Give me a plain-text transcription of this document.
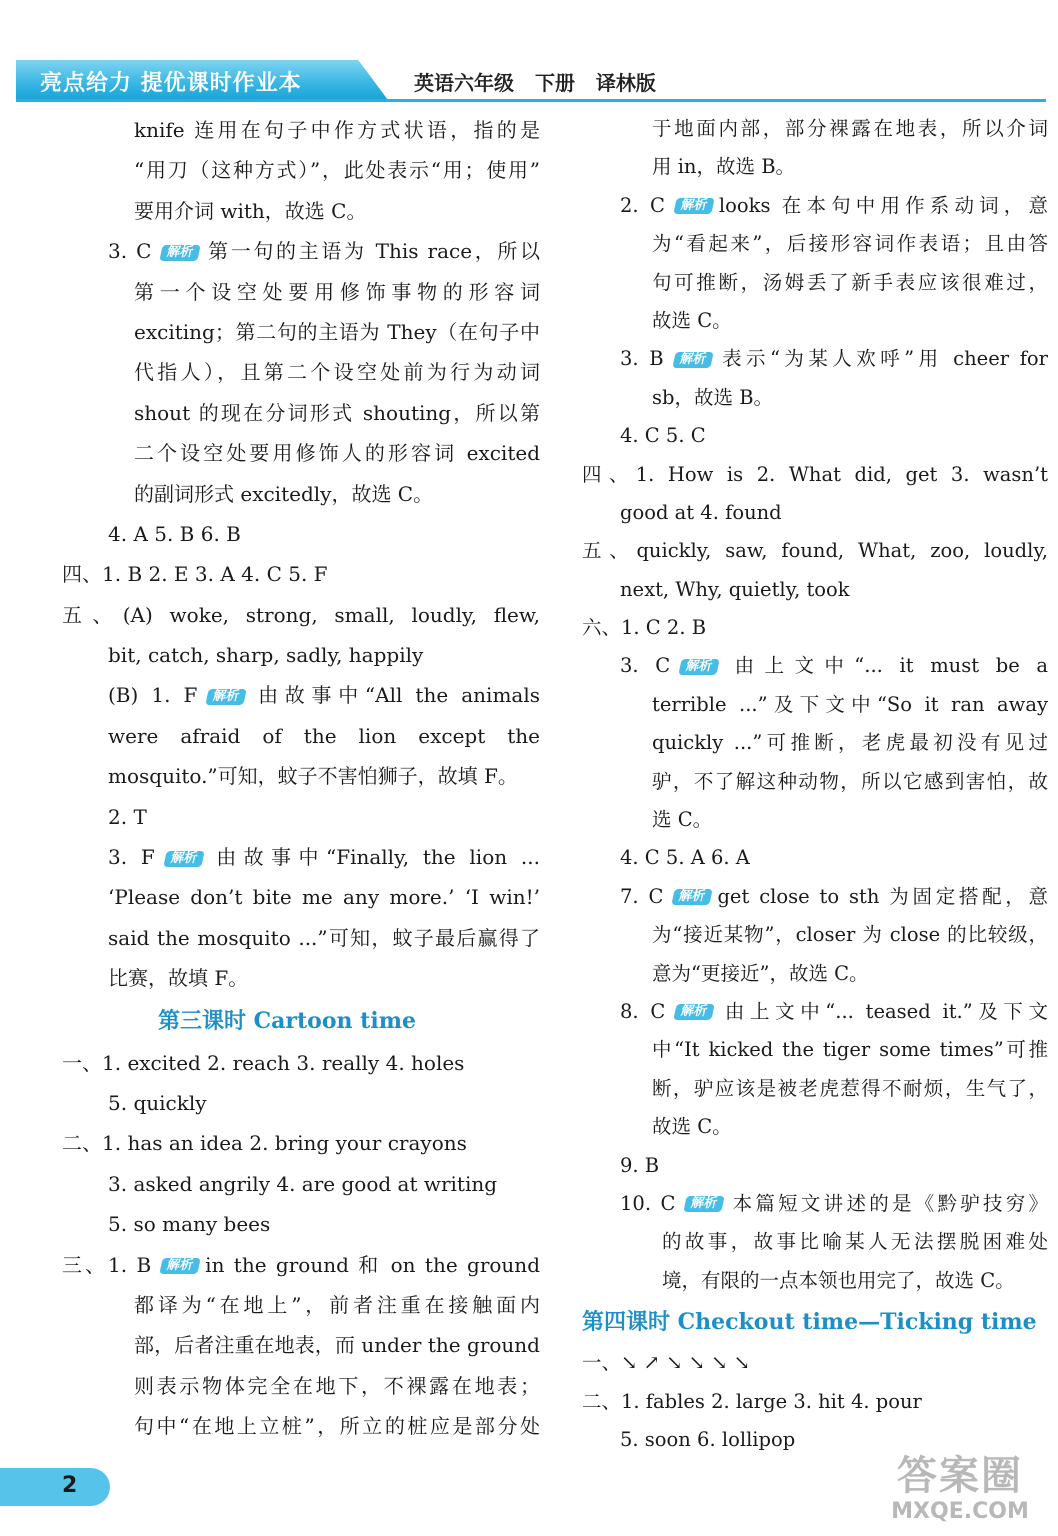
亮点给力 提优课时作业本	英语六年级 下册 译林版
knife 连用在句子中作方式状语，指的是
“用刀（这种方式）”，此处表示“用；使用”
要用介词 with，故选 C。
3. C 解析 第一句的主语为 This race，所以
第一个设空处要用修饰事物的形容词
exciting；第二句的主语为 They（在句子中
代指人），且第二个设空处前为行为动词
shout 的现在分词形式 shouting，所以第
二个设空处要用修饰人的形容词 excited
的副词形式 excitedly，故选 C。
4. A 5. B 6. B
四、1. B 2. E 3. A 4. C 5. F
五、(A) woke, strong, small, loudly, flew,
bit, catch, sharp, sadly, happily
(B) 1. F 解析 由故事中“All the animals
were afraid of the lion except the
mosquito.”可知，蚊子不害怕狮子，故填 F。
2. T
3. F 解析 由故事中“Finally, the lion ...
‘Please don’t bite me any more.’ ‘I win!’
said the mosquito ...”可知，蚊子最后赢得了
比赛，故填 F。
第三课时 Cartoon time
一、1. excited 2. reach 3. really 4. holes
5. quickly
二、1. has an idea 2. bring your crayons
3. asked angrily 4. are good at writing
5. so many bees
三、1. B 解析 in the ground 和 on the ground
都译为“在地上”，前者注重在接触面内
部，后者注重在地表，而 under the ground
则表示物体完全在地下，不裸露在地表；
句中“在地上立桩”，所立的桩应是部分处
于地面内部，部分裸露在地表，所以介词
用 in，故选 B。
2. C 解析 looks 在本句中用作系动词，意
为“看起来”，后接形容词作表语；且由答
句可推断，汤姆丢了新手表应该很难过，
故选 C。
3. B 解析 表示“为某人欢呼”用 cheer for
sb，故选 B。
4. C 5. C
四、1. How is 2. What did, get 3. wasn’t
good at 4. found
五、quickly, saw, found, What, zoo, loudly,
next, Why, quietly, took
六、1. C 2. B
3. C 解析 由上文中“... it must be a
terrible ...”及下文中“So it ran away
quickly ...”可推断，老虎最初没有见过
驴，不了解这种动物，所以它感到害怕，故
选 C。
4. C 5. A 6. A
7. C 解析 get close to sth 为固定搭配，意
为“接近某物”，closer 为 close 的比较级，
意为“更接近”，故选 C。
8. C 解析 由上文中“... teased it.”及下文
中“It kicked the tiger some times”可推
断，驴应该是被老虎惹得不耐烦，生气了，
故选 C。
9. B
10. C 解析 本篇短文讲述的是《黔驴技穷》
的故事，故事比喻某人无法摆脱困难处
境，有限的一点本领也用完了，故选 C。
第四课时 Checkout time—Ticking time
一、↘ ↗ ↘ ↘ ↘ ↘
二、1. fables 2. large 3. hit 4. pour
5. soon 6. lollipop
2	答案圈
MXQE.COM
